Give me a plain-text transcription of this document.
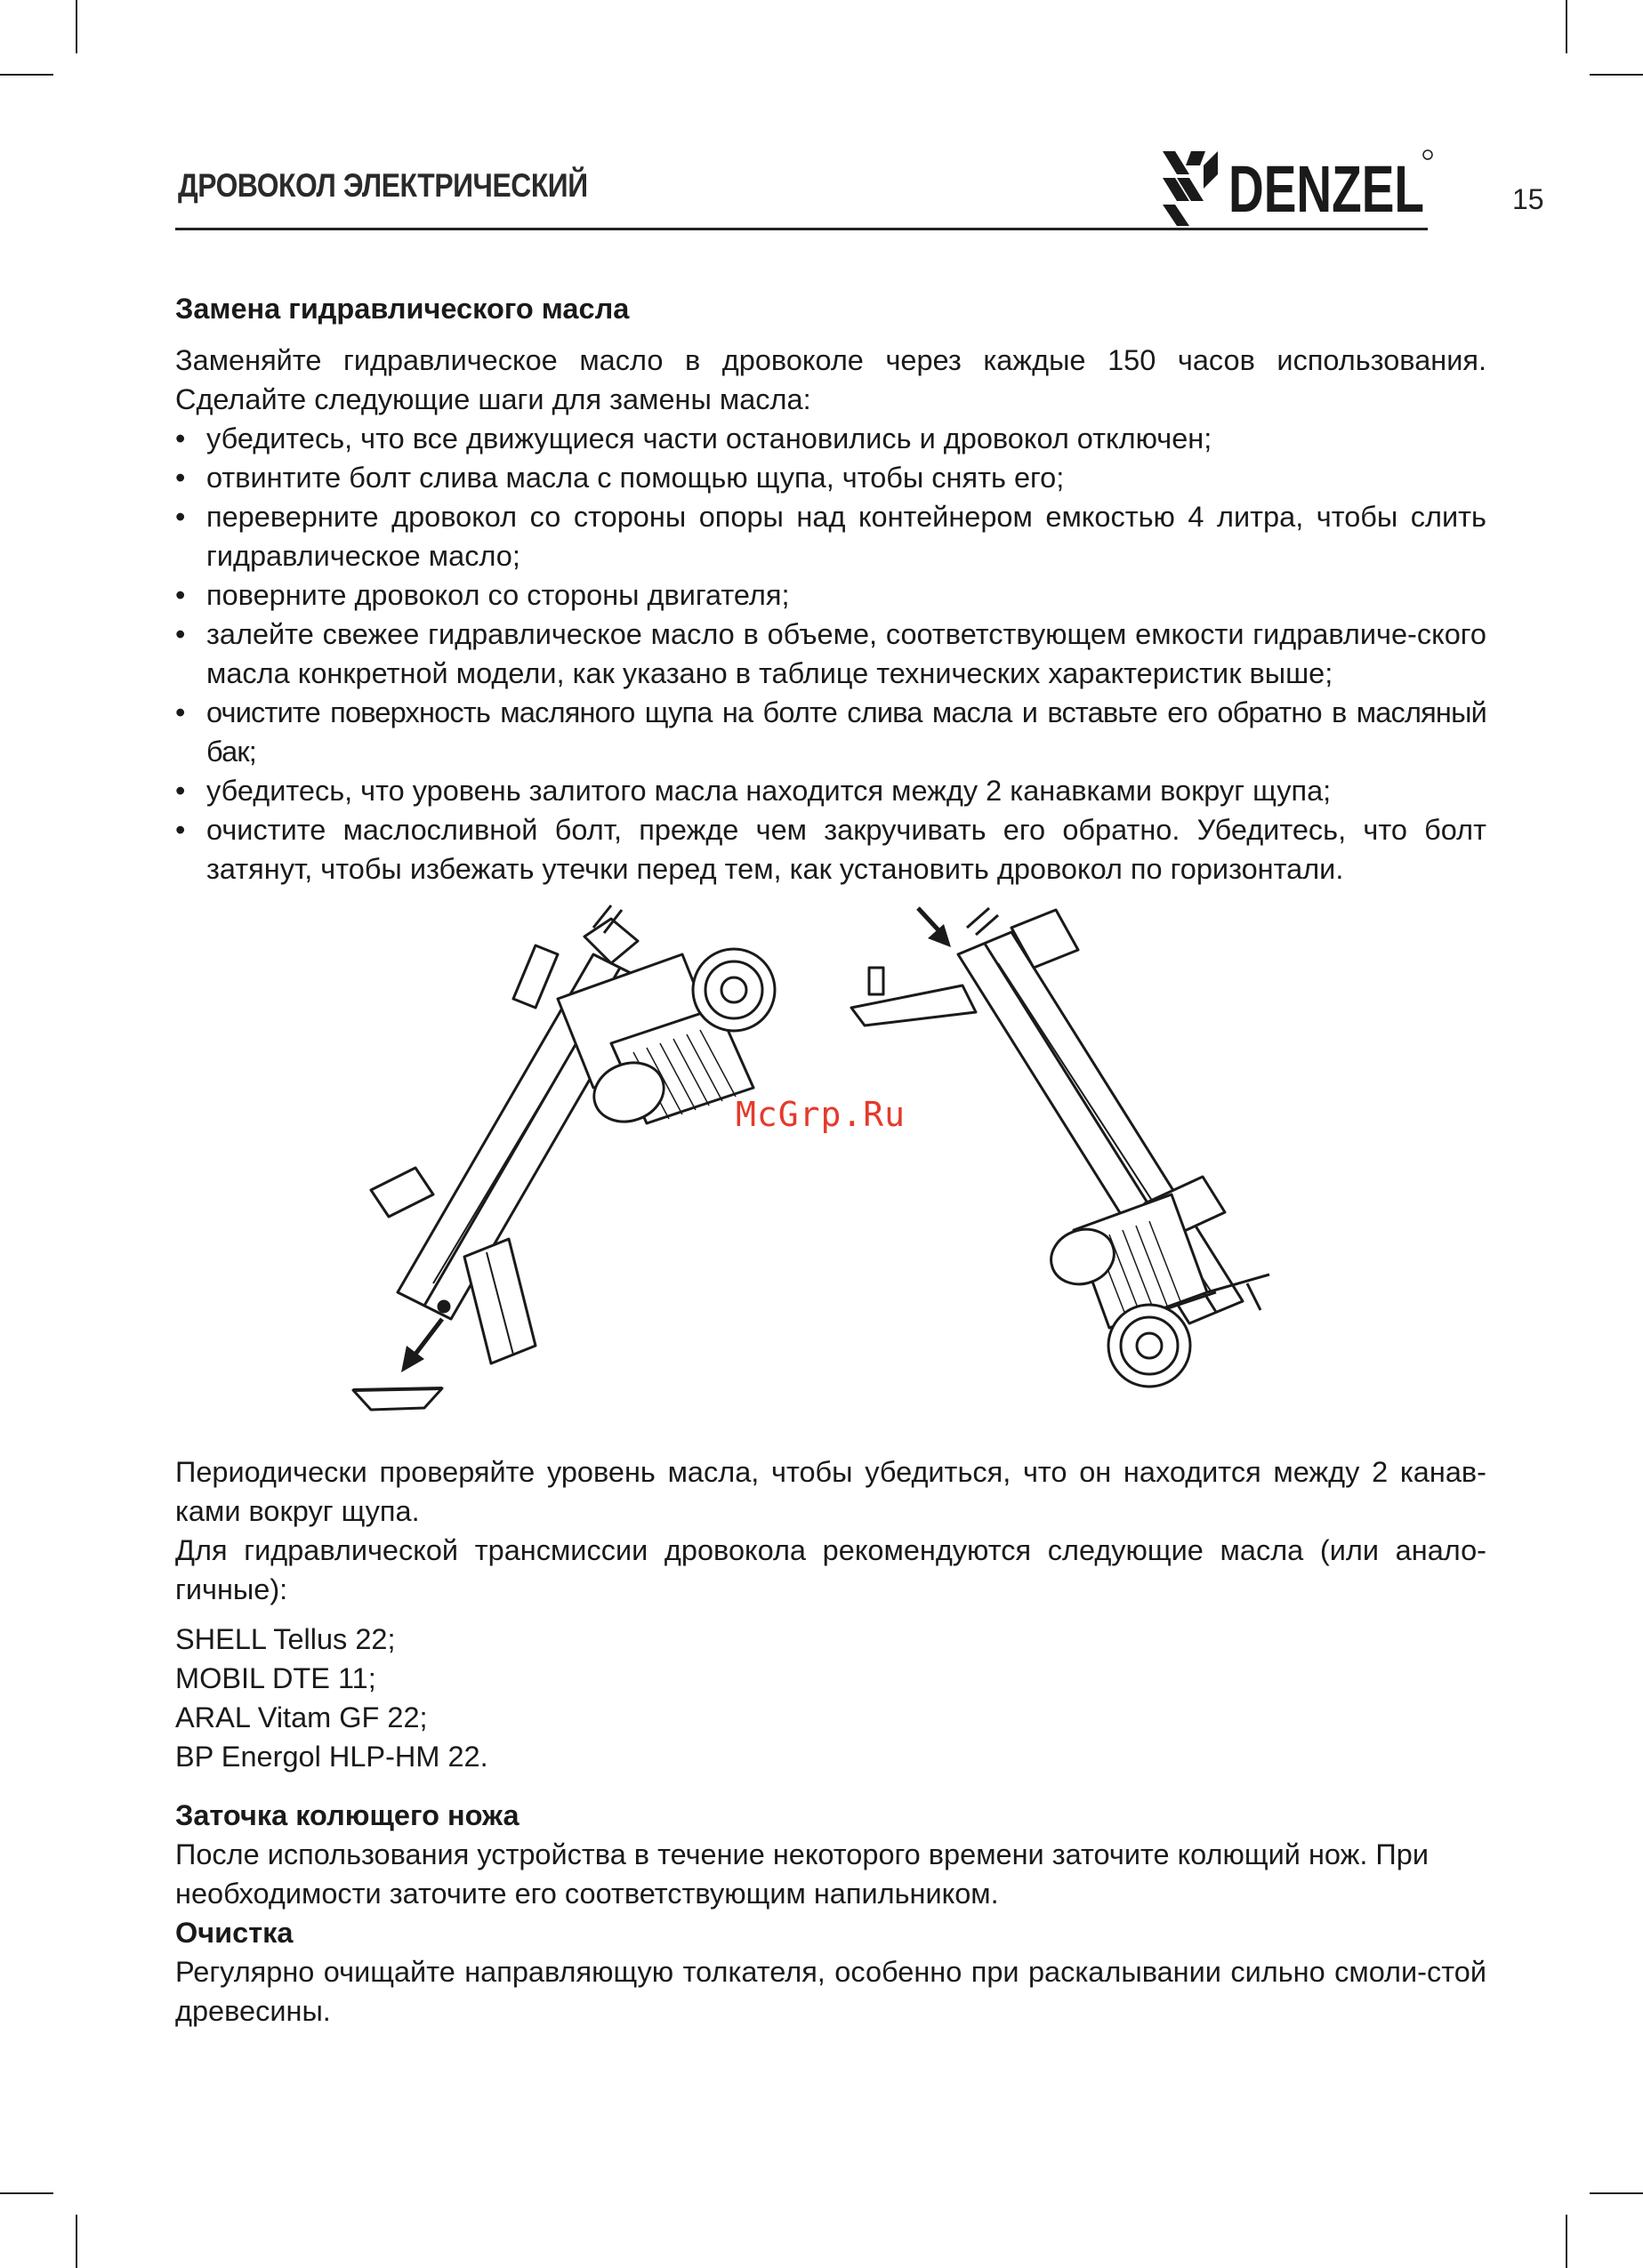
ДРОВОКОЛ ЭЛЕКТРИЧЕСКИЙ	DENZEL	15
Замена гидравлического масла

Заменяйте гидравлическое масло в дровоколе через каждые 150 часов использования. Сделайте следующие шаги для замены масла:

• убедитесь, что все движущиеся части остановились и дровокол отключен;
• отвинтите болт слива масла с помощью щупа, чтобы снять его;
• переверните дровокол со стороны опоры над контейнером емкостью 4 литра, чтобы слить гидравлическое масло;
• поверните дровокол со стороны двигателя;
• залейте свежее гидравлическое масло в объеме, соответствующем емкости гидравличе-ского масла конкретной модели, как указано в таблице технических характеристик выше;
• очистите поверхность масляного щупа на болте слива масла и вставьте его обратно в масляный бак;
• убедитесь, что уровень залитого масла находится между 2 канавками вокруг щупа;
• очистите маслосливной болт, прежде чем закручивать его обратно. Убедитесь, что болт затянут, чтобы избежать утечки перед тем, как установить дровокол по горизонтали.
McGrp.Ru

Периодически проверяйте уровень масла, чтобы убедиться, что он находится между 2 канав-ками вокруг щупа.

Для гидравлической трансмиссии дровокола рекомендуются следующие масла (или анало-гичные):

SHELL Tellus 22;
MOBIL DTE 11;
ARAL Vitam GF 22;
BP Energol HLP-HM 22.
Заточка колющего ножа

После использования устройства в течение некоторого времени заточите колющий нож. При необходимости заточите его соответствующим напильником.

Очистка

Регулярно очищайте направляющую толкателя, особенно при раскалывании сильно смоли-стой древесины.
